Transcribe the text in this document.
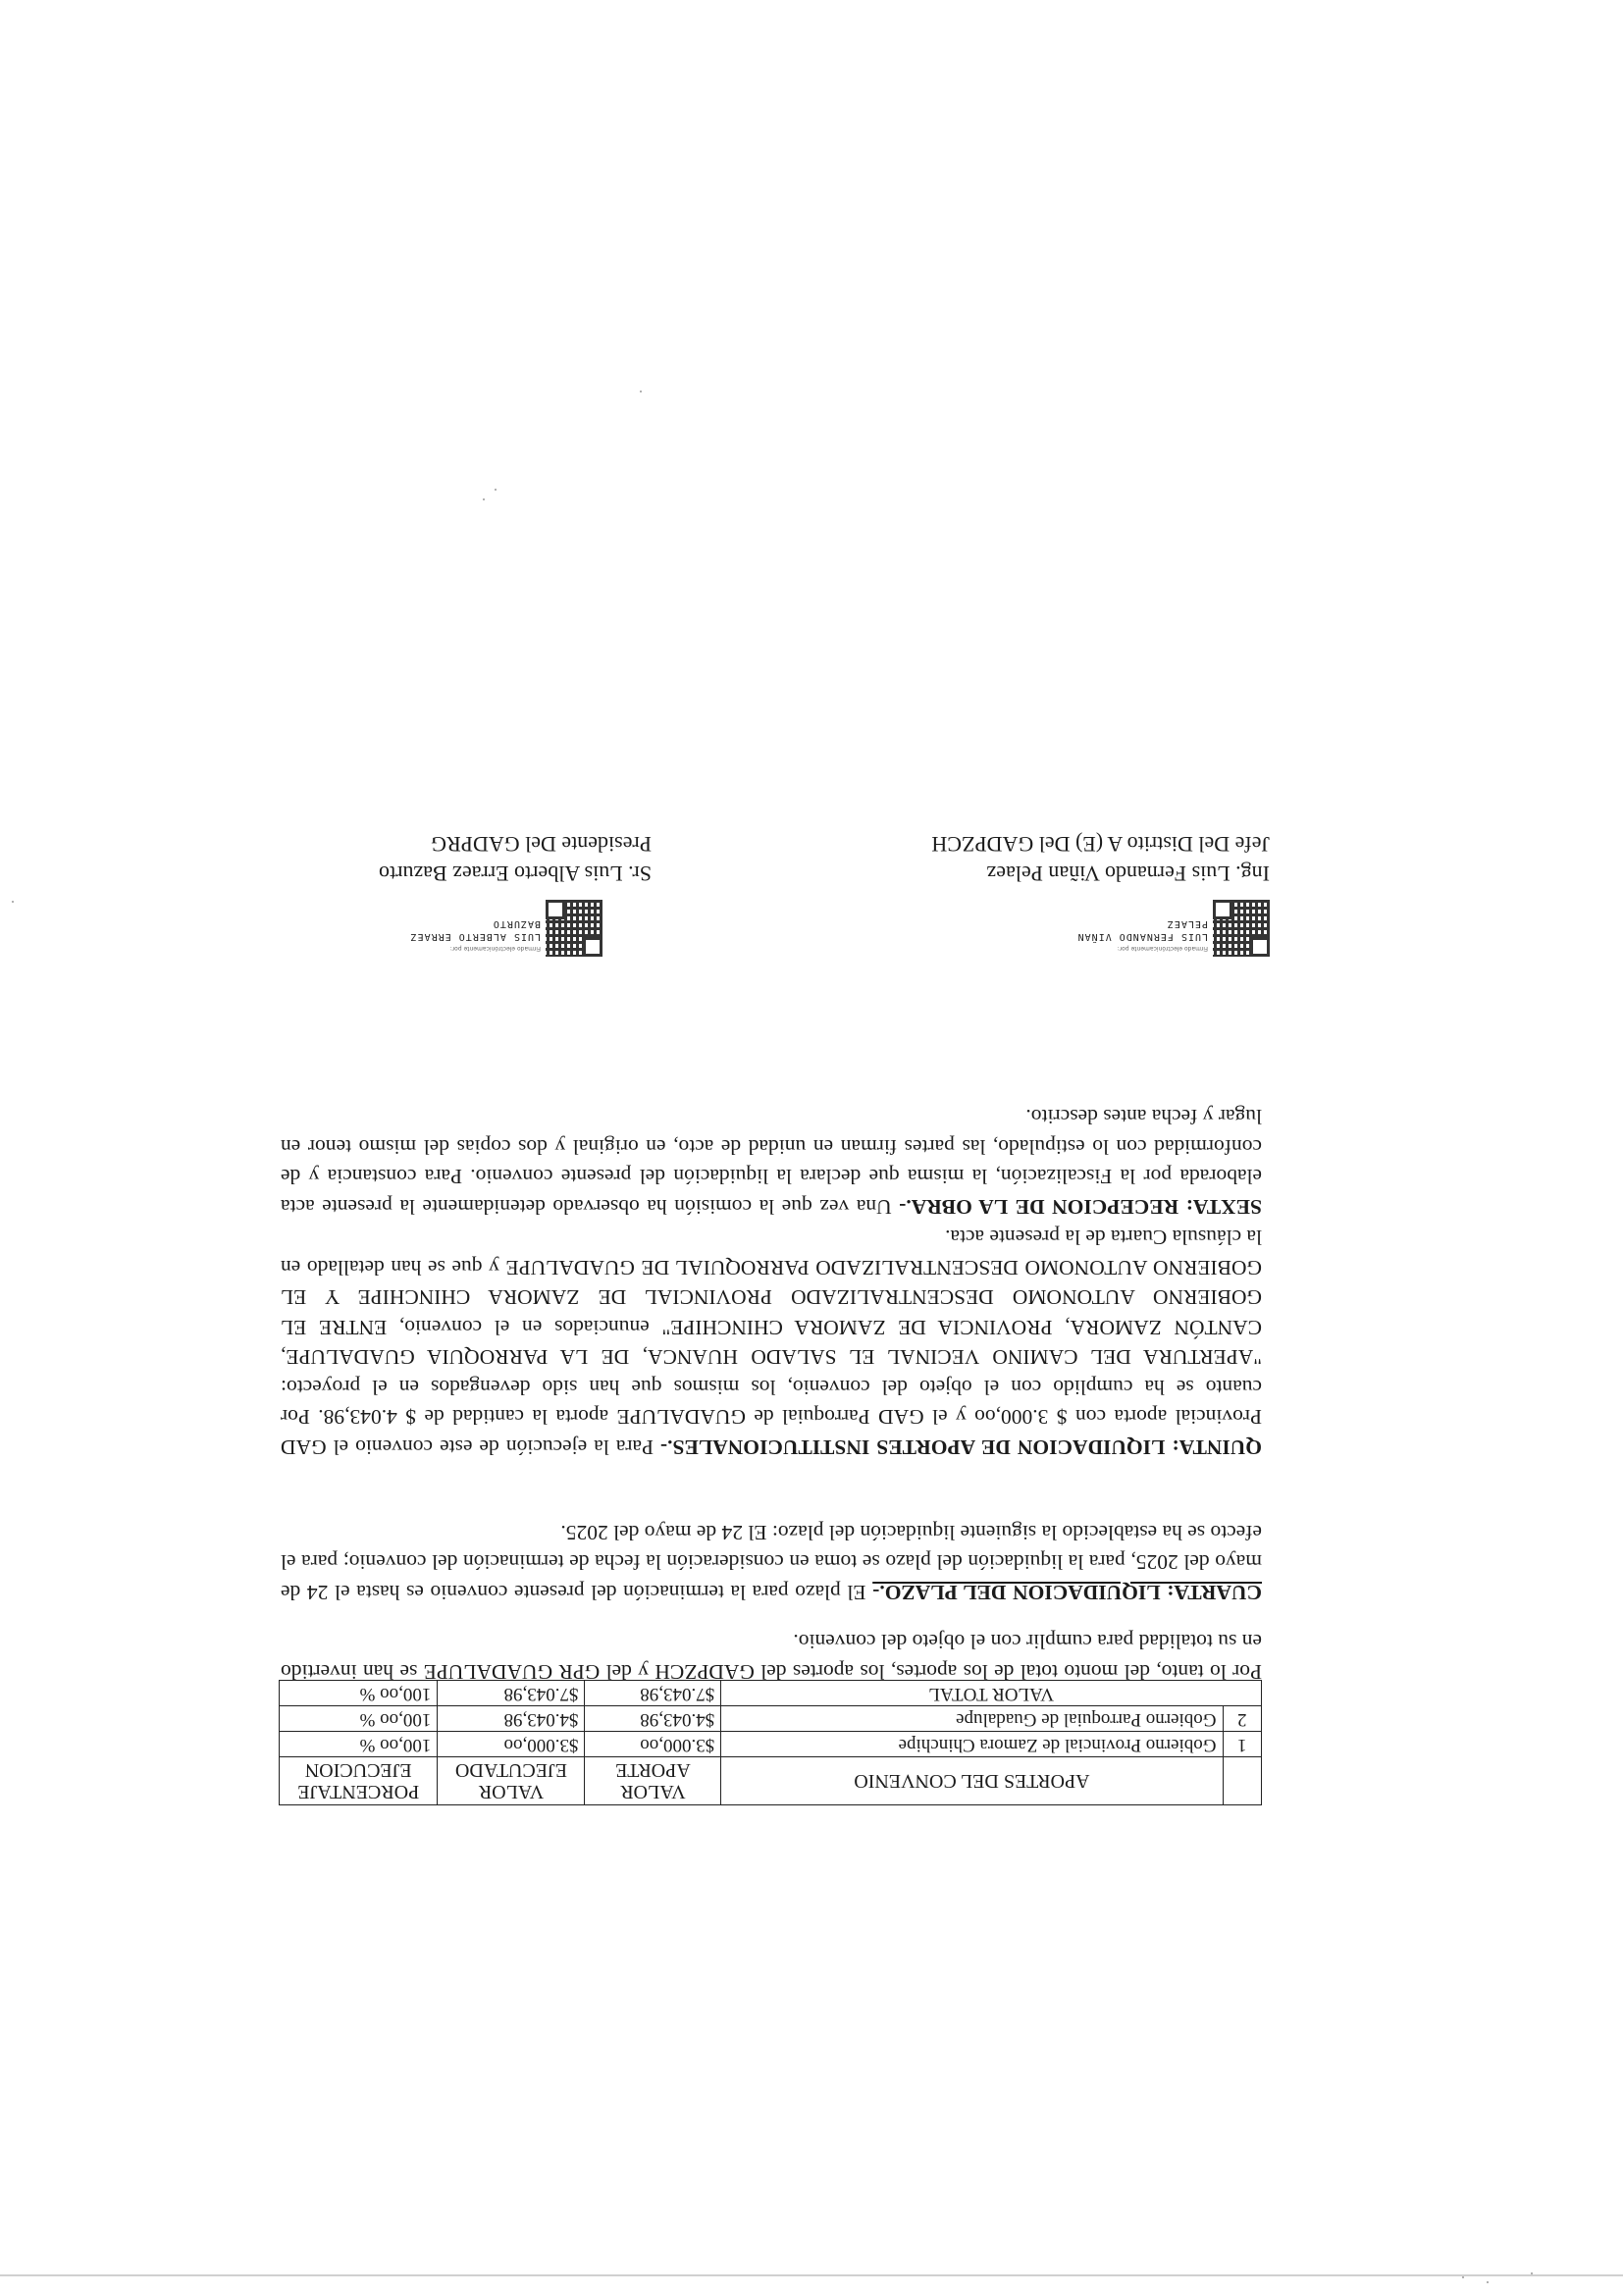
	APORTES DEL CONVENIO	VALOR APORTE	VALOR EJECUTADO	PORCENTAJE EJECUCION
1	Gobierno Provincial de Zamora Chinchipe	$3.000,oo	$3.000,oo	100,oo %
2	Gobierno Parroquial de Guadalupe	$4.043,98	$4.043,98	100,oo %
VALOR TOTAL		$7.043,98	$7.043,98	100,oo %
Por lo tanto, del monto total de los aportes, los aportes del GADPZCH y del GPR GUADALUPE se han invertido en su totalidad para cumplir con el objeto del convenio.
CUARTA: LIQUIDACION DEL PLAZO.- El plazo para la terminación del presente convenio es hasta el 24 de mayo del 2025, para la liquidación del plazo se toma en consideración la fecha de terminación del convenio; para el efecto se ha establecido la siguiente liquidación del plazo: El 24 de mayo del 2025.
QUINTA: LIQUIDACION DE APORTES INSTITUCIONALES.- Para la ejecución de este convenio el GAD Provincial aporta con $ 3.000,oo y el GAD Parroquial de GUADALUPE aporta la cantidad de $ 4.043,98. Por cuanto se ha cumplido con el objeto del convenio, los mismos que han sido devengados en el proyecto: "APERTURA DEL CAMINO VECINAL EL SALADO HUANCA, DE LA PARROQUIA GUADALUPE, CANTÓN ZAMORA, PROVINCIA DE ZAMORA CHINCHIPE" enunciados en el convenio, ENTRE EL GOBIERNO AUTONOMO DESCENTRALIZADO PROVINCIAL DE ZAMORA CHINCHIPE Y EL GOBIERNO AUTONOMO DESCENTRALIZADO PARROQUIAL DE GUADALUPE y que se han detallado en la cláusula Cuarta de la presente acta.
SEXTA: RECEPCION DE LA OBRA.- Una vez que la comisión ha observado detenidamente la presente acta elaborada por la Fiscalización, la misma que declara la liquidación del presente convenio. Para constancia y de conformidad con lo estipulado, las partes firman en unidad de acto, en original y dos copias del mismo tenor en lugar y fecha antes descrito.
Firmado electrónicamente por:
LUIS FERNANDO VIÑAN
PELAEZ
Ing. Luis Fernando Viñan Pelaez
Jefe Del Distrito A (E) Del GADPZCH
Firmado electrónicamente por:
LUIS ALBERTO ERRAEZ
BAZURTO
Sr. Luis Alberto Erraez Bazurto
Presidente Del GADPRG
